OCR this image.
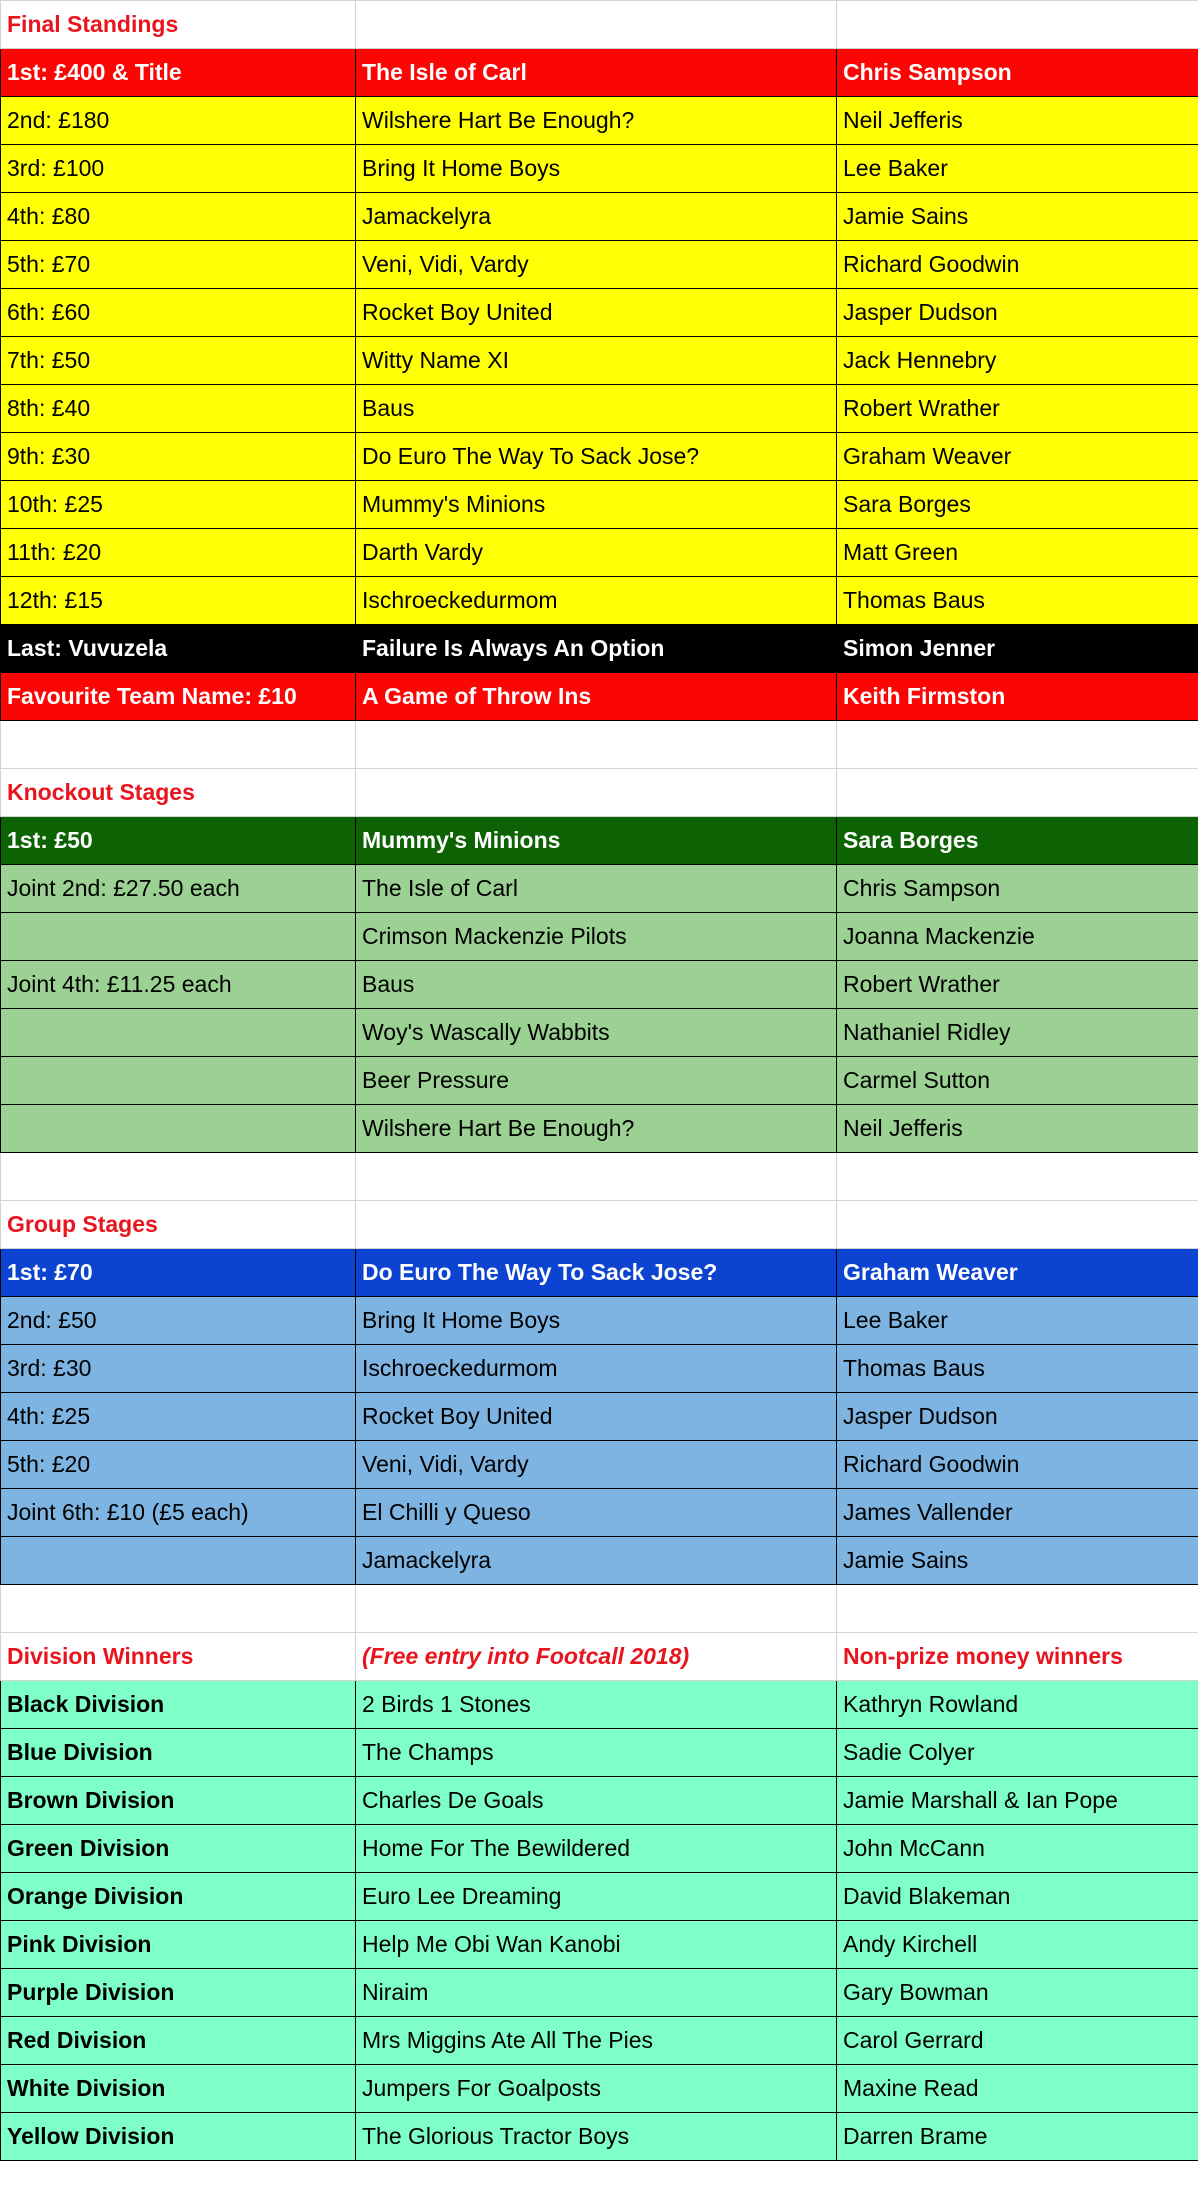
Final Standings		
1st: £400 & Title	The Isle of Carl	Chris Sampson
2nd: £180	Wilshere Hart Be Enough?	Neil Jefferis
3rd: £100	Bring It Home Boys	Lee Baker
4th: £80	Jamackelyra	Jamie Sains
5th: £70	Veni, Vidi, Vardy	Richard Goodwin
6th: £60	Rocket Boy United	Jasper Dudson
7th: £50	Witty Name XI	Jack Hennebry
8th: £40	Baus	Robert Wrather
9th: £30	Do Euro The Way To Sack Jose?	Graham Weaver
10th: £25	Mummy's Minions	Sara Borges
11th: £20	Darth Vardy	Matt Green
12th: £15	Ischroeckedurmom	Thomas Baus
Last: Vuvuzela	Failure Is Always An Option	Simon Jenner
Favourite Team Name: £10	A Game of Throw Ins	Keith Firmston

Knockout Stages		
1st: £50	Mummy's Minions	Sara Borges
Joint 2nd: £27.50 each	The Isle of Carl	Chris Sampson
	Crimson Mackenzie Pilots	Joanna Mackenzie
Joint 4th: £11.25 each	Baus	Robert Wrather
	Woy's Wascally Wabbits	Nathaniel Ridley
	Beer Pressure	Carmel Sutton
	Wilshere Hart Be Enough?	Neil Jefferis

Group Stages		
1st: £70	Do Euro The Way To Sack Jose?	Graham Weaver
2nd: £50	Bring It Home Boys	Lee Baker
3rd: £30	Ischroeckedurmom	Thomas Baus
4th: £25	Rocket Boy United	Jasper Dudson
5th: £20	Veni, Vidi, Vardy	Richard Goodwin
Joint 6th: £10 (£5 each)	El Chilli y Queso	James Vallender
	Jamackelyra	Jamie Sains

Division Winners	(Free entry into Footcall 2018)	Non-prize money winners
Black Division	2 Birds 1 Stones	Kathryn Rowland
Blue Division	The Champs	Sadie Colyer
Brown Division	Charles De Goals	Jamie Marshall & Ian Pope
Green Division	Home For The Bewildered	John McCann
Orange Division	Euro Lee Dreaming	David Blakeman
Pink Division	Help Me Obi Wan Kanobi	Andy Kirchell
Purple Division	Niraim	Gary Bowman
Red Division	Mrs Miggins Ate All The Pies	Carol Gerrard
White Division	Jumpers For Goalposts	Maxine Read
Yellow Division	The Glorious Tractor Boys	Darren Brame
